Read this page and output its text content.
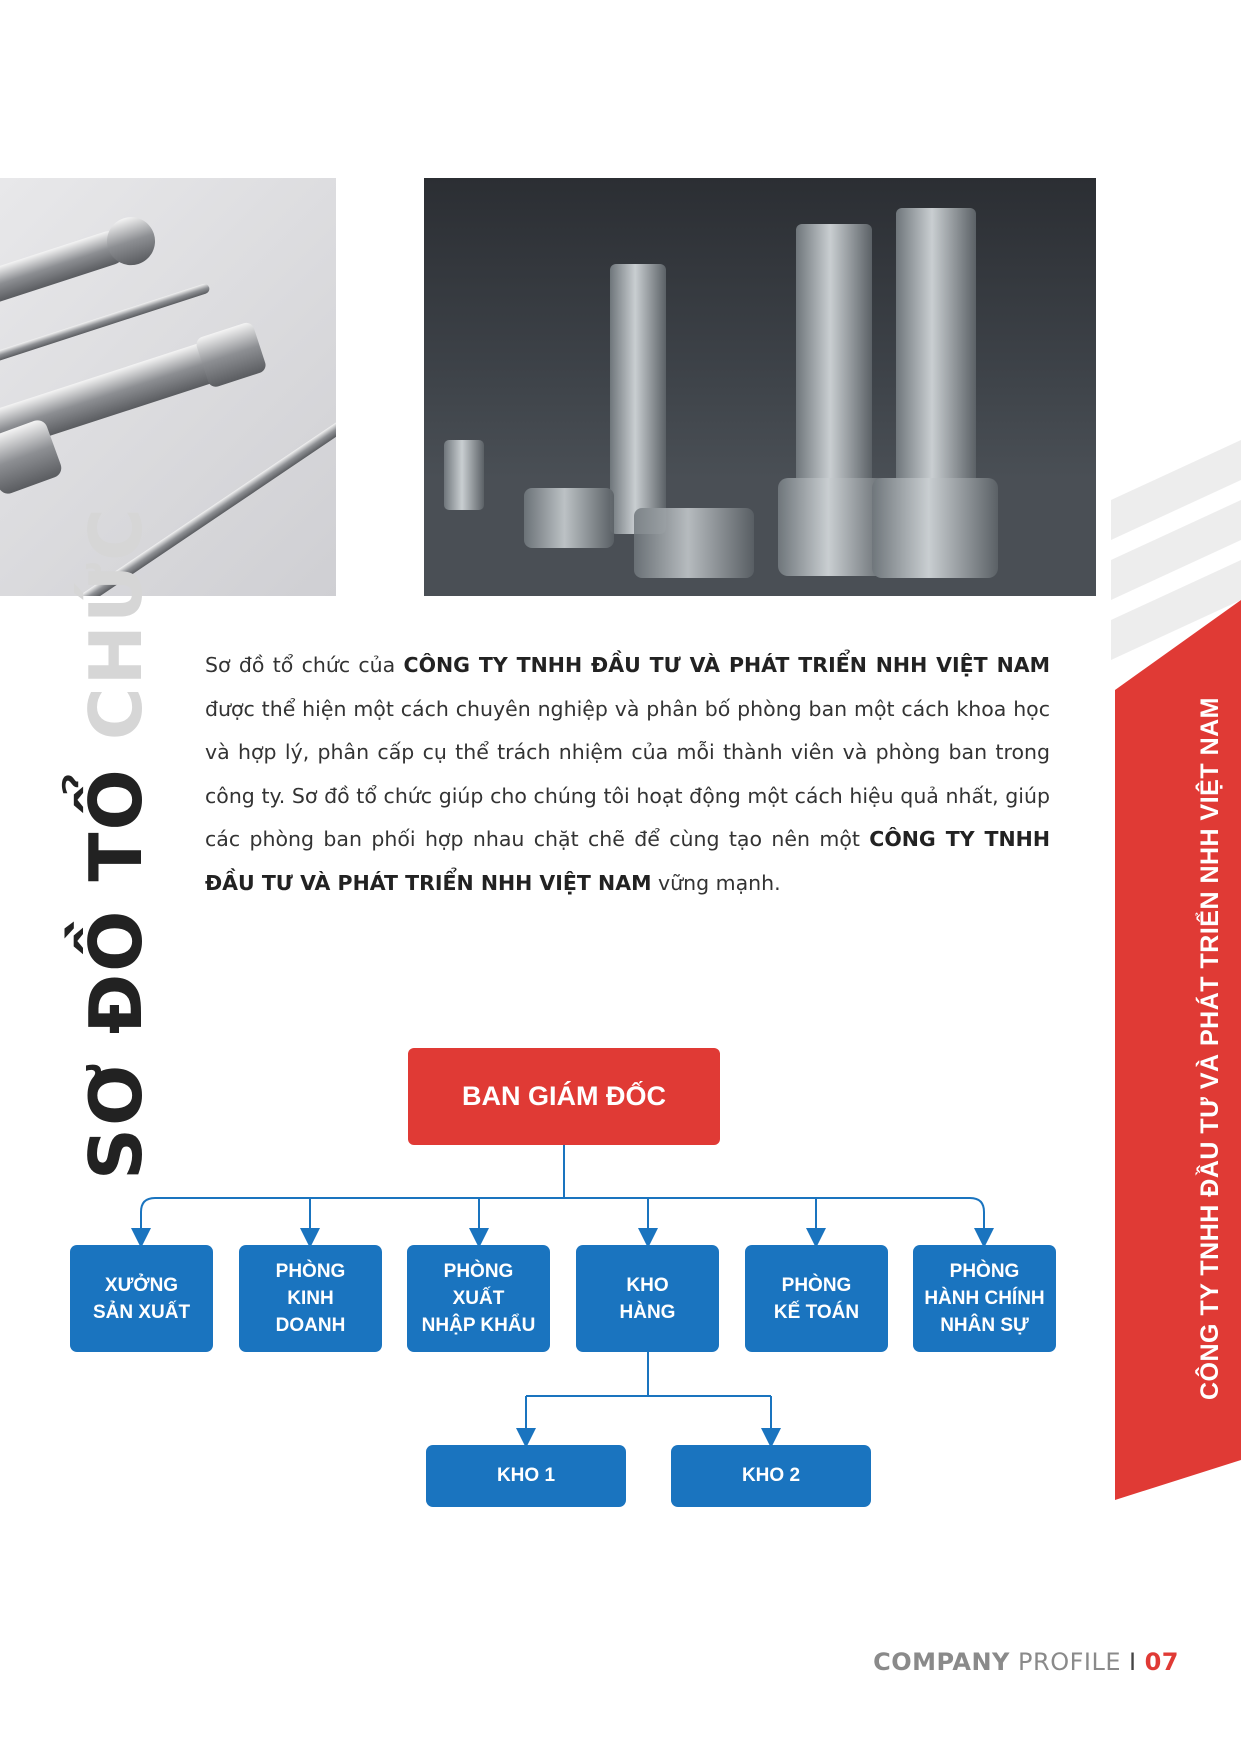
SƠ ĐỒ TỔ CHỨC
CÔNG TY TNHH ĐẦU TƯ VÀ PHÁT TRIỂN NHH VIỆT NAM
Sơ đồ tổ chức của CÔNG TY TNHH ĐẦU TƯ VÀ PHÁT TRIỂN NHH VIỆT NAM được thể hiện một cách chuyên nghiệp và phân bố phòng ban một cách khoa học và hợp lý, phân cấp cụ thể trách nhiệm của mỗi thành viên và phòng ban trong công ty. Sơ đồ tổ chức giúp cho chúng tôi hoạt động một cách hiệu quả nhất, giúp các phòng ban phối hợp nhau chặt chẽ để cùng tạo nên một CÔNG TY TNHH ĐẦU TƯ VÀ PHÁT TRIỂN NHH VIỆT NAM vững mạnh.
BAN GIÁM ĐỐC
XƯỞNG
SẢN XUẤT
PHÒNG
KINH
DOANH
PHÒNG
XUẤT
NHẬP KHẨU
KHO
HÀNG
PHÒNG
KẾ TOÁN
PHÒNG
HÀNH CHÍNH
NHÂN SỰ
KHO 1	KHO 2
COMPANY PROFILE I 07
